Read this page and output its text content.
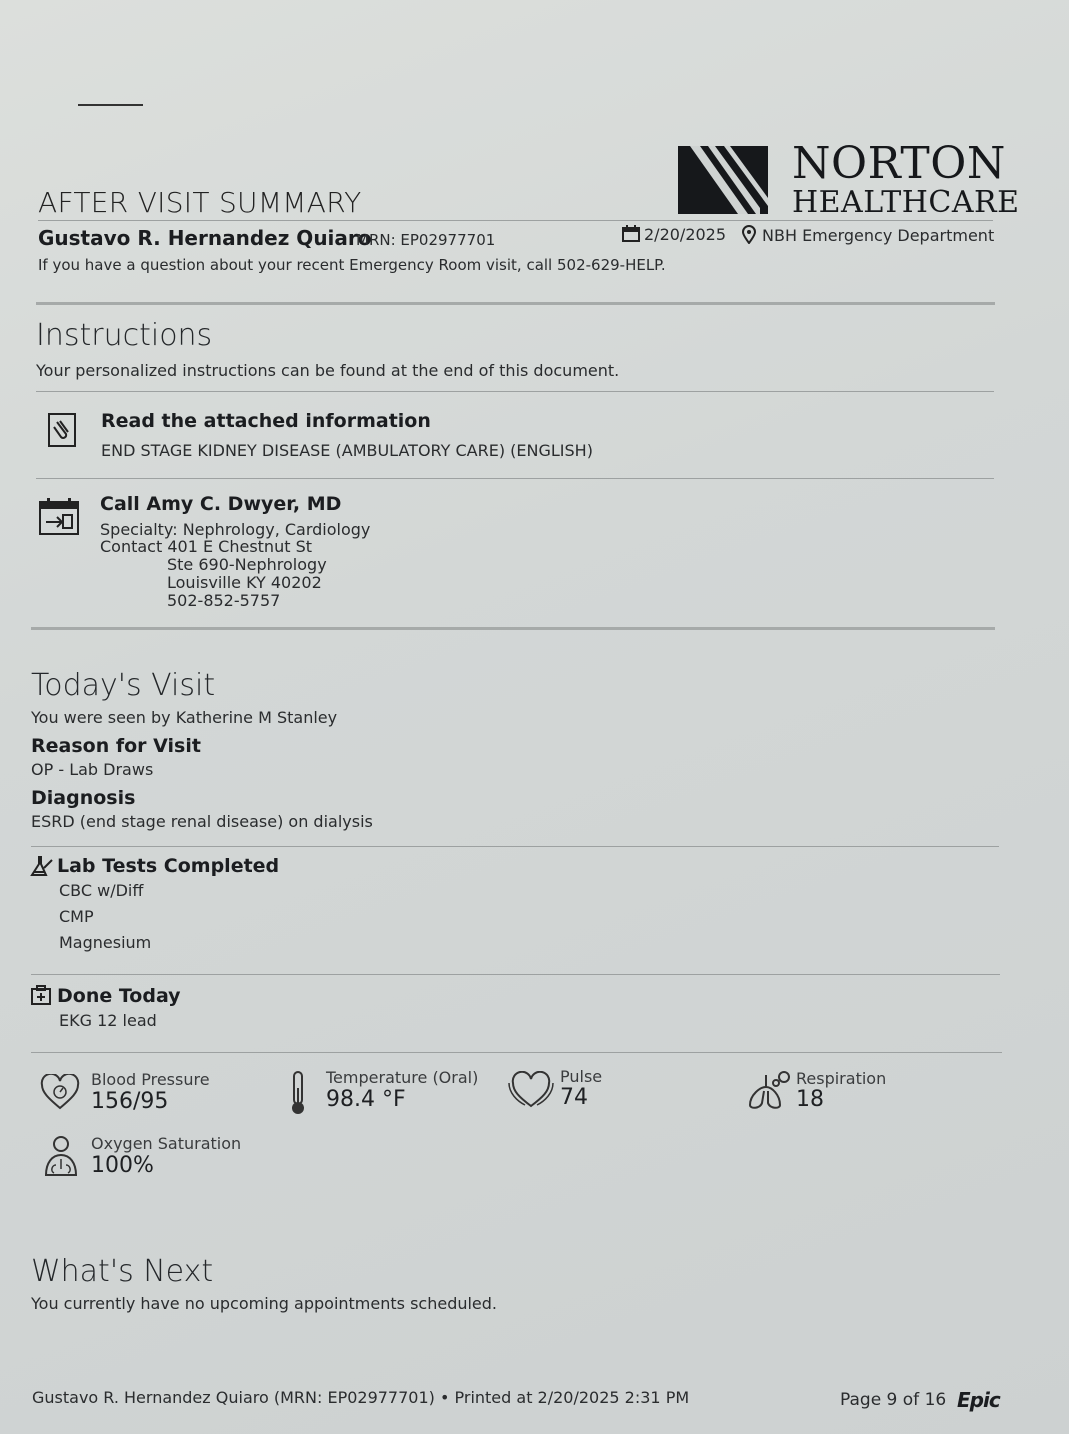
NORTON
HEALTHCARE
AFTER VISIT SUMMARY
Gustavo R. Hernandez Quiaro
MRN: EP02977701	2/20/2025	NBH Emergency Department
If you have a question about your recent Emergency Room visit, call 502-629-HELP.
Instructions
Your personalized instructions can be found at the end of this document.
Read the attached information
END STAGE KIDNEY DISEASE (AMBULATORY CARE) (ENGLISH)
Call Amy C. Dwyer, MD
Specialty: Nephrology, Cardiology
Contact 401 E Chestnut St
Ste 690-Nephrology
Louisville KY 40202
502-852-5757
Today's Visit
You were seen by Katherine M Stanley
Reason for Visit
OP - Lab Draws
Diagnosis
ESRD (end stage renal disease) on dialysis
Lab Tests Completed
CBC w/Diff
CMP
Magnesium
Done Today
EKG 12 lead
Blood Pressure
156/95
Temperature (Oral)
98.4 °F
Pulse
74
Respiration
18
Oxygen Saturation
100%
What's Next
You currently have no upcoming appointments scheduled.
Gustavo R. Hernandez Quiaro (MRN: EP02977701) • Printed at 2/20/2025 2:31 PM	Page 9 of 16 Epic
